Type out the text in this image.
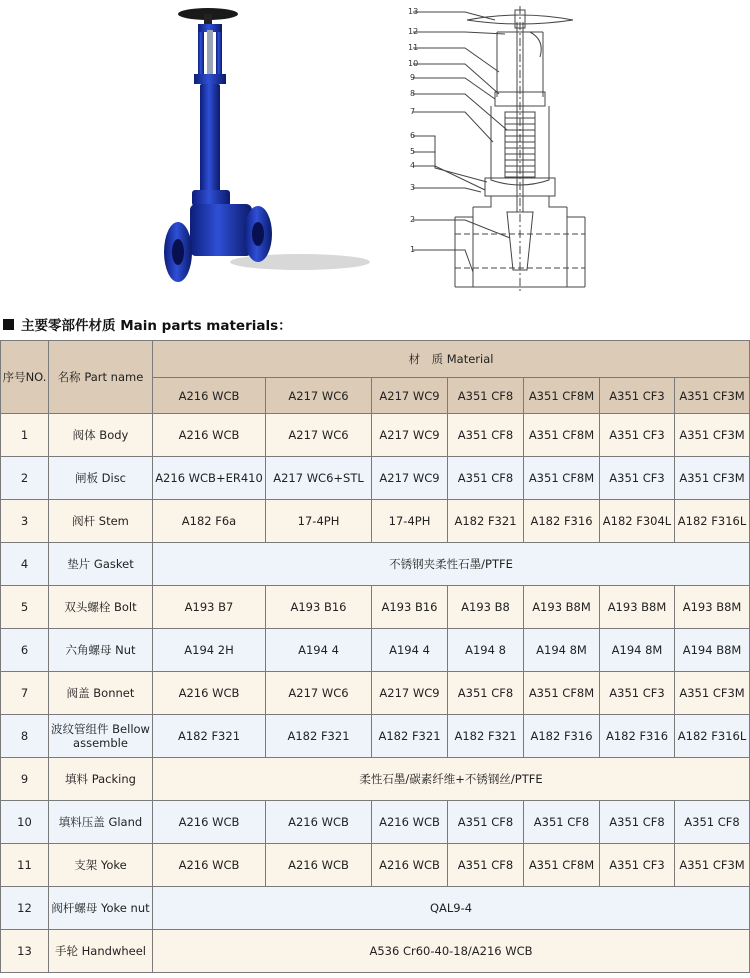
13
12
11
10
9
8
7
6
5
4
3
2
1
主要零部件材质 Main parts materials：
序号NO.	名称 Part name	材　质 Material						
		A216 WCB	A217 WC6	A217 WC9	A351 CF8	A351 CF8M	A351 CF3	A351 CF3M
1	阀体 Body	A216 WCB	A217 WC6	A217 WC9	A351 CF8	A351 CF8M	A351 CF3	A351 CF3M
2	闸板 Disc	A216 WCB+ER410	A217 WC6+STL	A217 WC9	A351 CF8	A351 CF8M	A351 CF3	A351 CF3M
3	阀杆 Stem	A182 F6a	17-4PH	17-4PH	A182 F321	A182 F316	A182 F304L	A182 F316L
4	垫片 Gasket	不锈钢夹柔性石墨/PTFE						
5	双头螺栓 Bolt	A193 B7	A193 B16	A193 B16	A193 B8	A193 B8M	A193 B8M	A193 B8M
6	六角螺母 Nut	A194 2H	A194 4	A194 4	A194 8	A194 8M	A194 8M	A194 B8M
7	阀盖 Bonnet	A216 WCB	A217 WC6	A217 WC9	A351 CF8	A351 CF8M	A351 CF3	A351 CF3M
8	波纹管组件 Bellow assemble	A182 F321	A182 F321	A182 F321	A182 F321	A182 F316	A182 F316	A182 F316L
9	填料 Packing	柔性石墨/碳素纤维+不锈钢丝/PTFE						
10	填料压盖 Gland	A216 WCB	A216 WCB	A216 WCB	A351 CF8	A351 CF8	A351 CF8	A351 CF8
11	支架 Yoke	A216 WCB	A216 WCB	A216 WCB	A351 CF8	A351 CF8M	A351 CF3	A351 CF3M
12	阀杆螺母 Yoke nut	QAL9-4						
13	手轮 Handwheel	A536 Cr60-40-18/A216 WCB						
